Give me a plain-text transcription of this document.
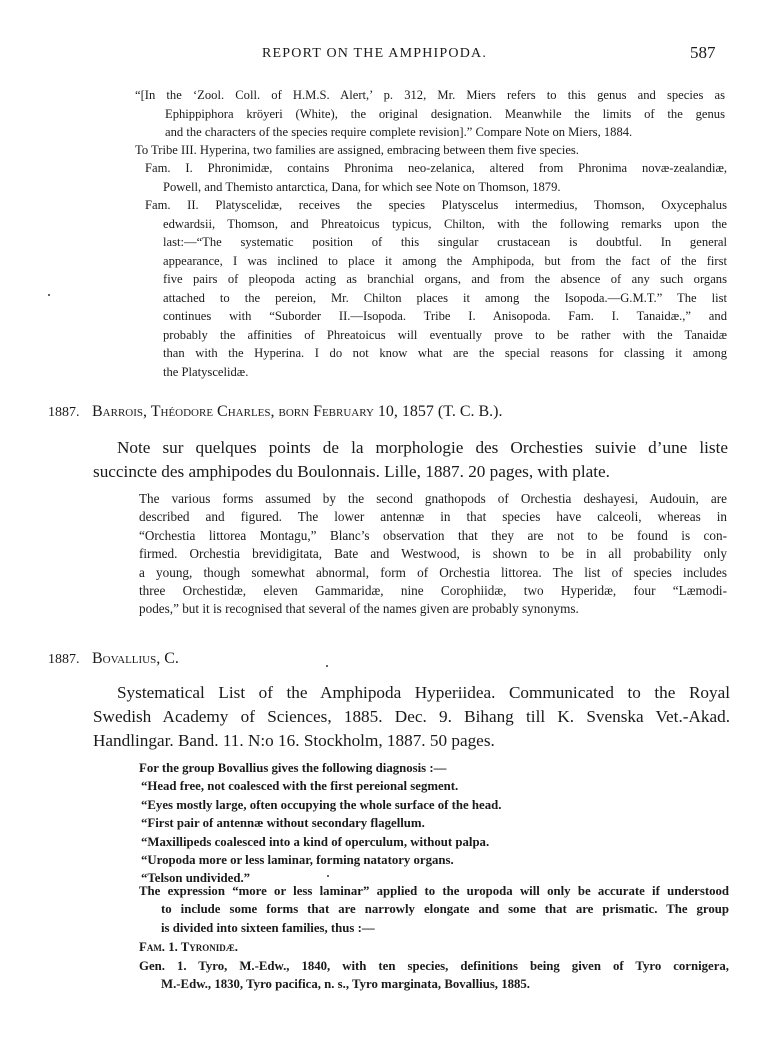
REPORT ON THE AMPHIPODA.	587
“[In the ‘Zool. Coll. of H.M.S. Alert,’ p. 312, Mr. Miers refers to this genus and species as
Ephippiphora kröyeri (White), the original designation. Meanwhile the limits of the genus
and the characters of the species require complete revision].” Compare Note on Miers, 1884.
To Tribe III. Hyperina, two families are assigned, embracing between them five species.
Fam. I. Phronimidæ, contains Phronima neo-zelanica, altered from Phronima novæ-zealandiæ,
Powell, and Themisto antarctica, Dana, for which see Note on Thomson, 1879.
Fam. II. Platyscelidæ, receives the species Platyscelus intermedius, Thomson, Oxycephalus
edwardsii, Thomson, and Phreatoicus typicus, Chilton, with the following remarks upon the
last:—“The systematic position of this singular crustacean is doubtful. In general
appearance, I was inclined to place it among the Amphipoda, but from the fact of the first
five pairs of pleopoda acting as branchial organs, and from the absence of any such organs
attached to the pereion, Mr. Chilton places it among the Isopoda.—G.M.T.” The list
continues with “Suborder II.—Isopoda. Tribe I. Anisopoda. Fam. I. Tanaidæ.,” and
probably the affinities of Phreatoicus will eventually prove to be rather with the Tanaidæ
than with the Hyperina. I do not know what are the special reasons for classing it among
the Platyscelidæ.
1887. Barrois, Théodore Charles, born February 10, 1857 (T. C. B.).
Note sur quelques points de la morphologie des Orchesties suivie d’une liste
succincte des amphipodes du Boulonnais. Lille, 1887. 20 pages, with plate.
The various forms assumed by the second gnathopods of Orchestia deshayesi, Audouin, are
described and figured. The lower antennæ in that species have calceoli, whereas in
“Orchestia littorea Montagu,” Blanc’s observation that they are not to be found is con-
firmed. Orchestia brevidigitata, Bate and Westwood, is shown to be in all probability only
a young, though somewhat abnormal, form of Orchestia littorea. The list of species includes
three Orchestidæ, eleven Gammaridæ, nine Corophiidæ, two Hyperidæ, four “Læmodi-
podes,” but it is recognised that several of the names given are probably synonyms.
1887. Bovallius, C.
Systematical List of the Amphipoda Hyperiidea. Communicated to the Royal
Swedish Academy of Sciences, 1885. Dec. 9. Bihang till K. Svenska Vet.-Akad.
Handlingar. Band. 11. N:o 16. Stockholm, 1887. 50 pages.
For the group Bovallius gives the following diagnosis :—
“Head free, not coalesced with the first pereional segment.
“Eyes mostly large, often occupying the whole surface of the head.
“First pair of antennæ without secondary flagellum.
“Maxillipeds coalesced into a kind of operculum, without palpa.
“Uropoda more or less laminar, forming natatory organs.
“Telson undivided.”
The expression “more or less laminar” applied to the uropoda will only be accurate if understood
to include some forms that are narrowly elongate and some that are prismatic. The group
is divided into sixteen families, thus :—
Fam. 1. Tyronidæ.
Gen. 1. Tyro, M.-Edw., 1840, with ten species, definitions being given of Tyro cornigera,
M.-Edw., 1830, Tyro pacifica, n. s., Tyro marginata, Bovallius, 1885.
